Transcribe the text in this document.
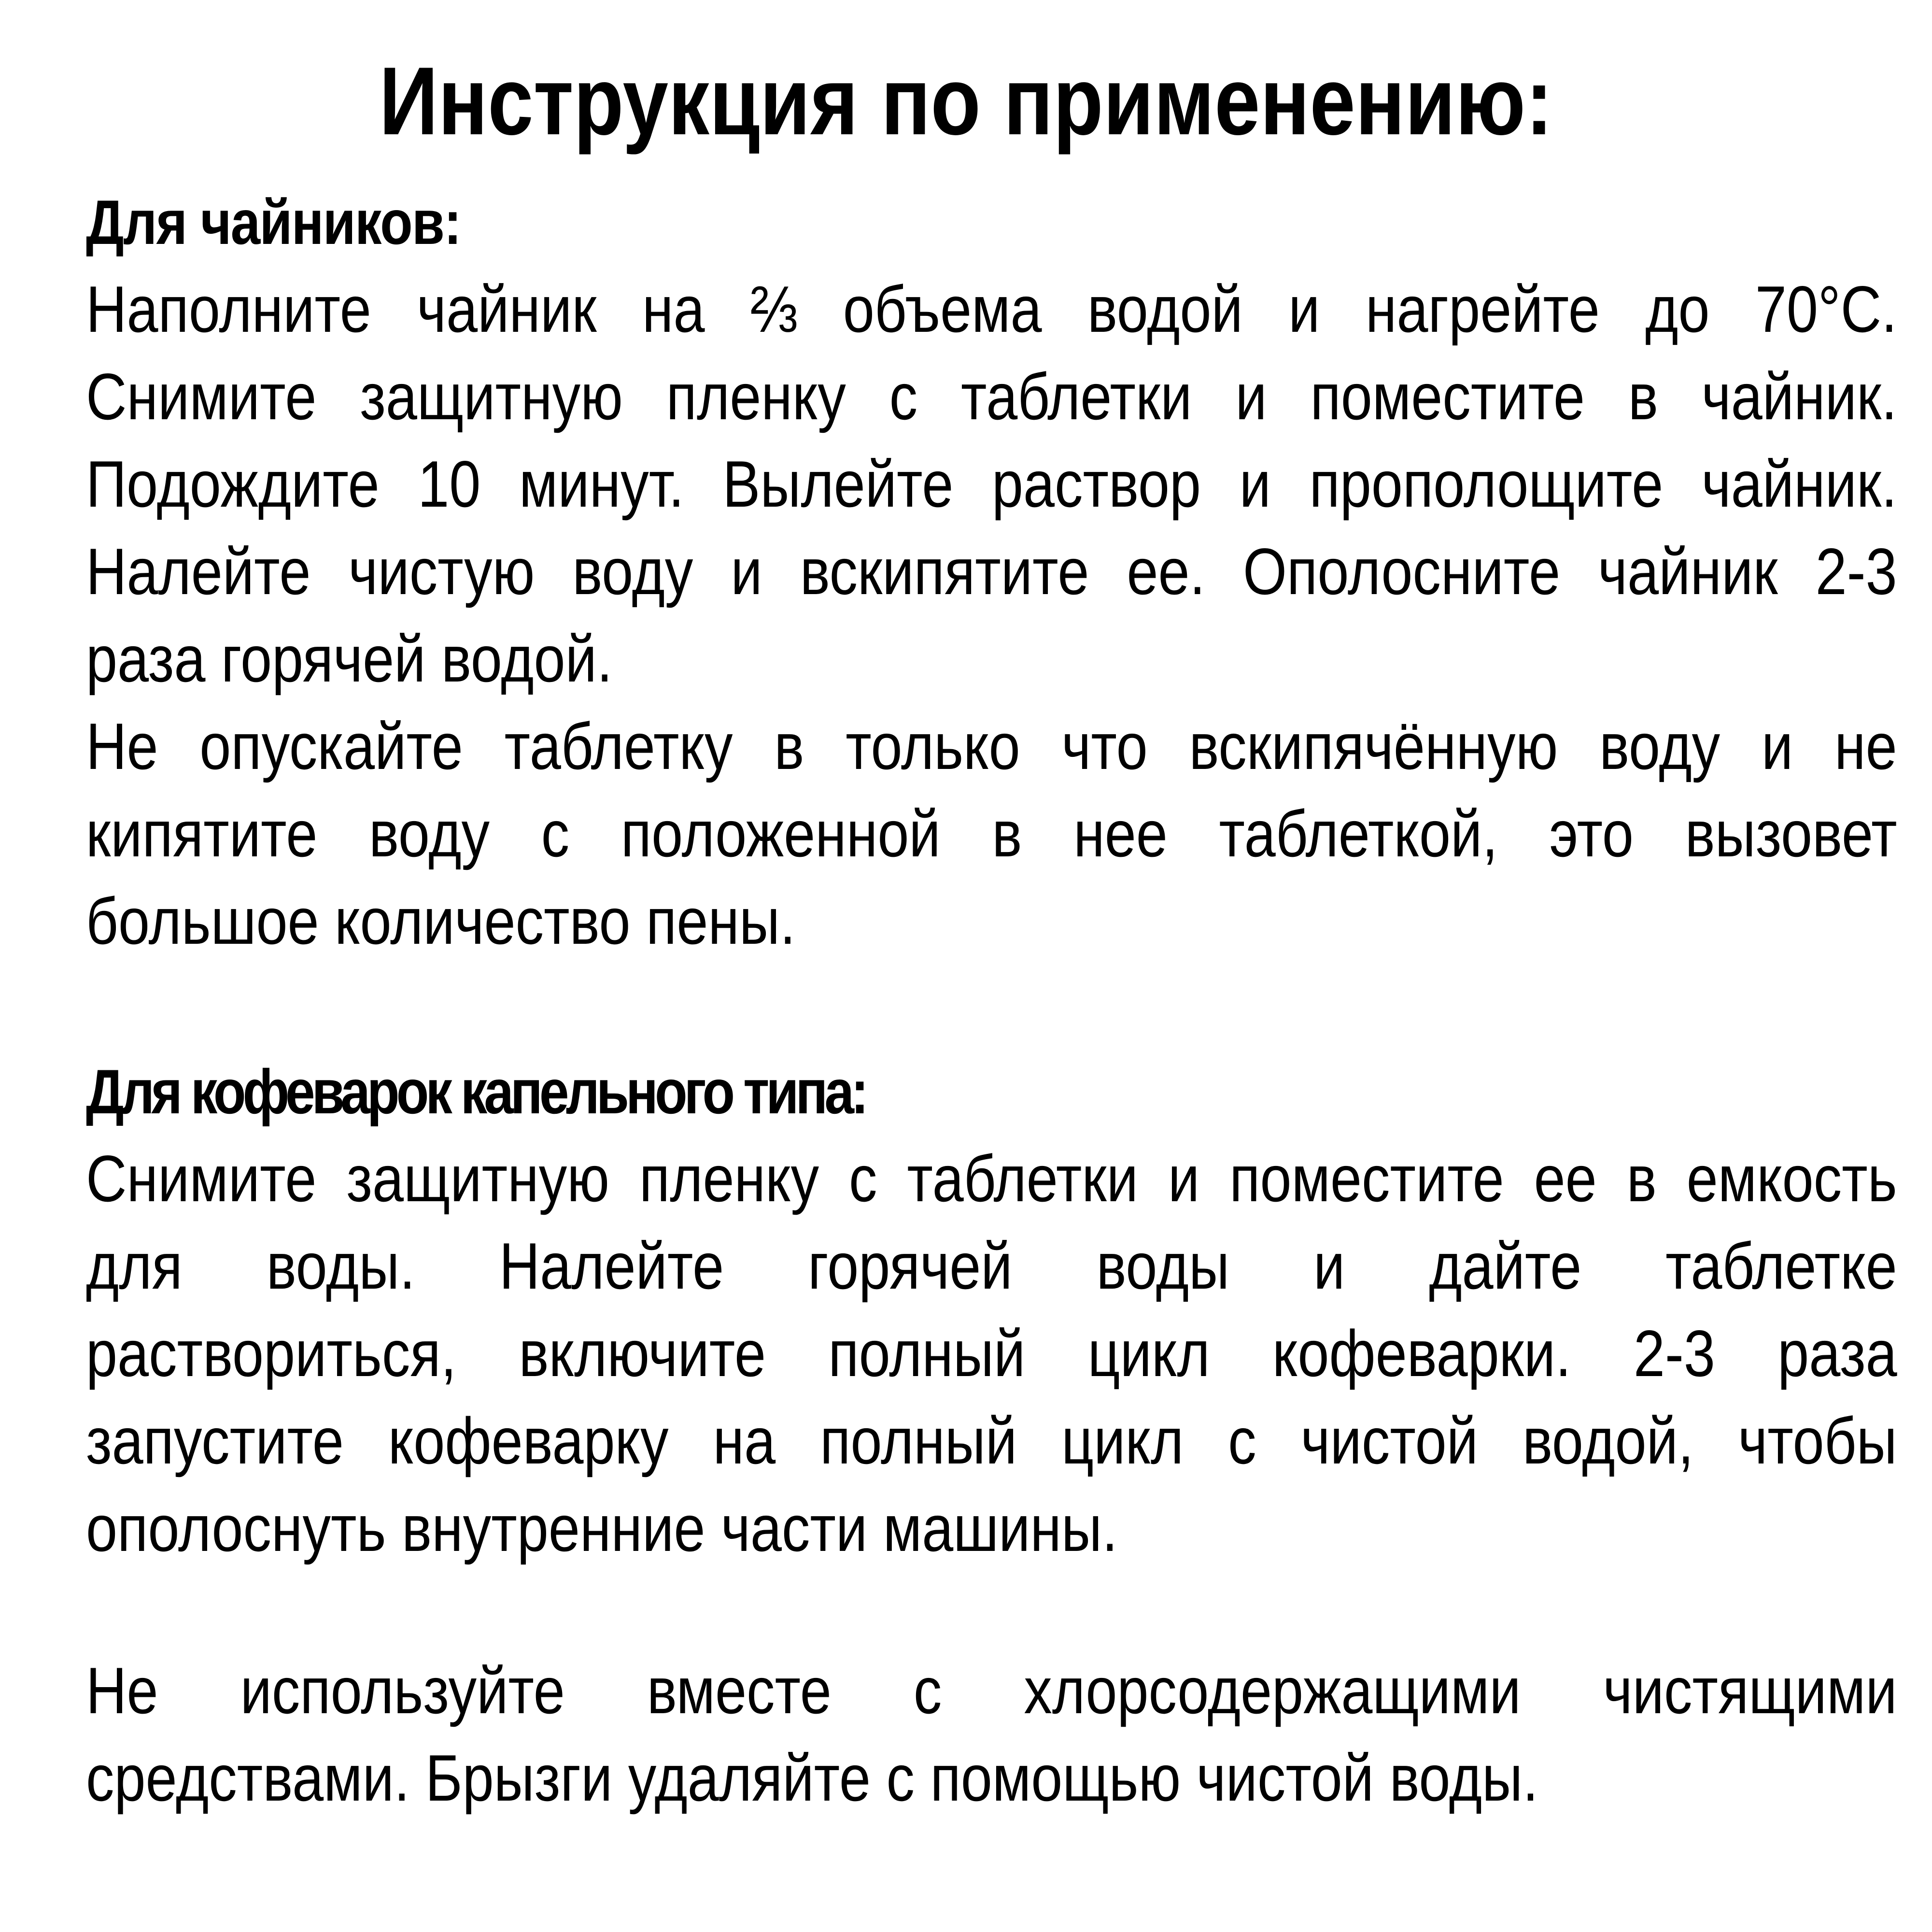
Инструкция по применению:
Для чайников:
Наполните чайник на ⅔ объема водой и нагрейте до 70°С.
Снимите защитную пленку с таблетки и поместите в чайник.
Подождите 10 минут. Вылейте раствор и прополощите чайник.
Налейте чистую воду и вскипятите ее. Ополосните чайник 2-3
раза горячей водой.
Не опускайте таблетку в только что вскипячённую воду и не
кипятите воду с положенной в нее таблеткой, это вызовет
большое количество пены.
Для кофеварок капельного типа:
Снимите защитную пленку с таблетки и поместите ее в емкость
для воды. Налейте горячей воды и дайте таблетке
раствориться, включите полный цикл кофеварки. 2-3 раза
запустите кофеварку на полный цикл с чистой водой, чтобы
ополоснуть внутренние части машины.
Не используйте вместе с хлорсодержащими чистящими
средствами. Брызги удаляйте с помощью чистой воды.
